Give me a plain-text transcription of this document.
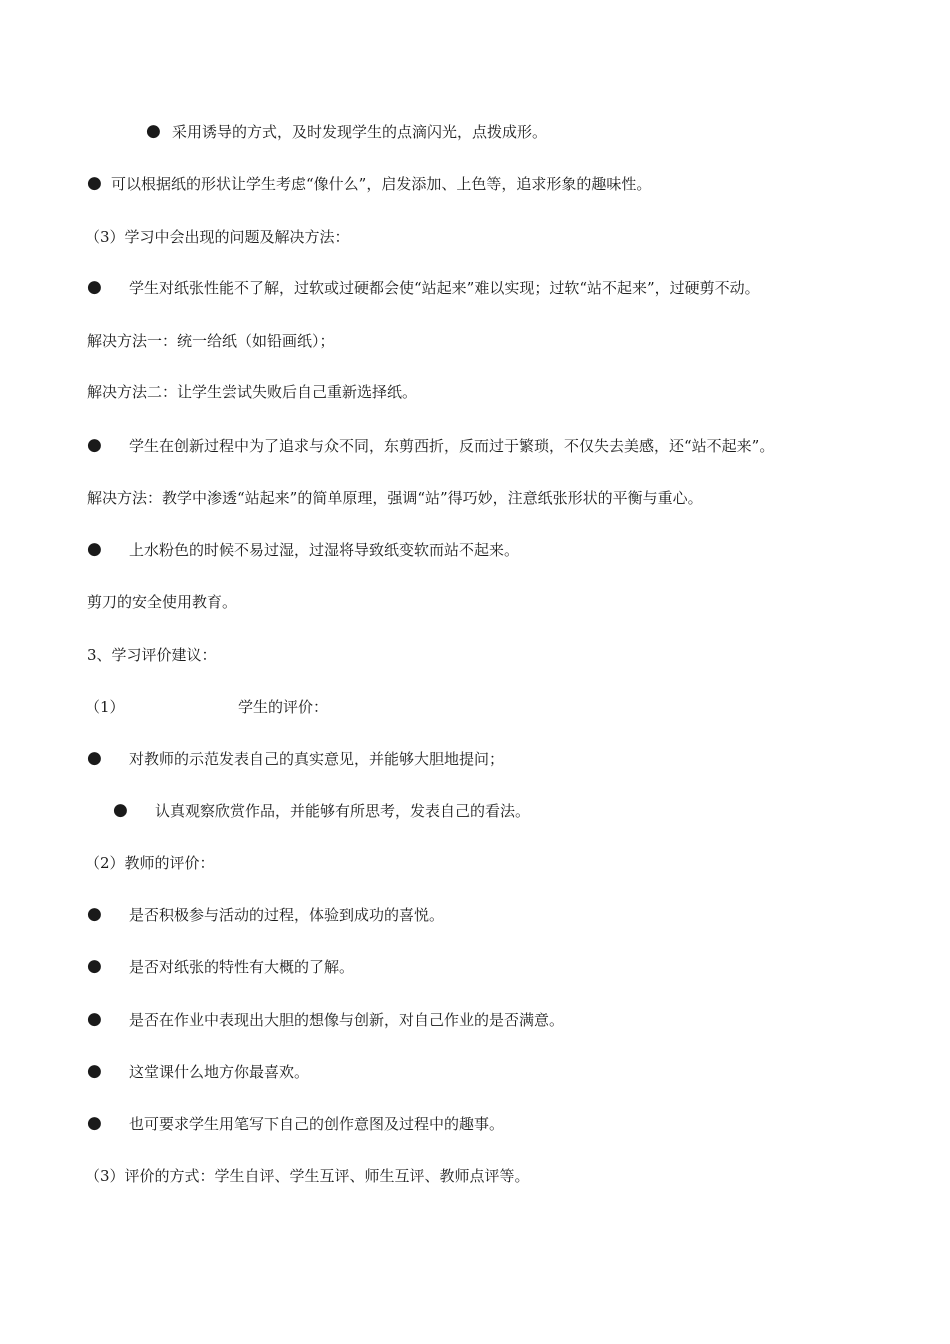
● 采用诱导的方式，及时发现学生的点滴闪光，点拨成形。
● 可以根据纸的形状让学生考虑“像什么”，启发添加、上色等，追求形象的趣味性。
（3）学习中会出现的问题及解决方法：
● 学生对纸张性能不了解，过软或过硬都会使“站起来”难以实现；过软“站不起来”，过硬剪不动。
解决方法一：统一给纸（如铅画纸）；
解决方法二：让学生尝试失败后自己重新选择纸。
● 学生在创新过程中为了追求与众不同，东剪西折，反而过于繁琐，不仅失去美感，还“站不起来”。
解决方法：教学中渗透“站起来”的简单原理，强调“站”得巧妙，注意纸张形状的平衡与重心。
● 上水粉色的时候不易过湿，过湿将导致纸变软而站不起来。
剪刀的安全使用教育。
3、学习评价建议：
（1）	学生的评价：
● 对教师的示范发表自己的真实意见，并能够大胆地提问；
● 认真观察欣赏作品，并能够有所思考，发表自己的看法。
（2）教师的评价：
● 是否积极参与活动的过程，体验到成功的喜悦。
● 是否对纸张的特性有大概的了解。
● 是否在作业中表现出大胆的想像与创新，对自己作业的是否满意。
● 这堂课什么地方你最喜欢。
● 也可要求学生用笔写下自己的创作意图及过程中的趣事。
（3）评价的方式：学生自评、学生互评、师生互评、教师点评等。
